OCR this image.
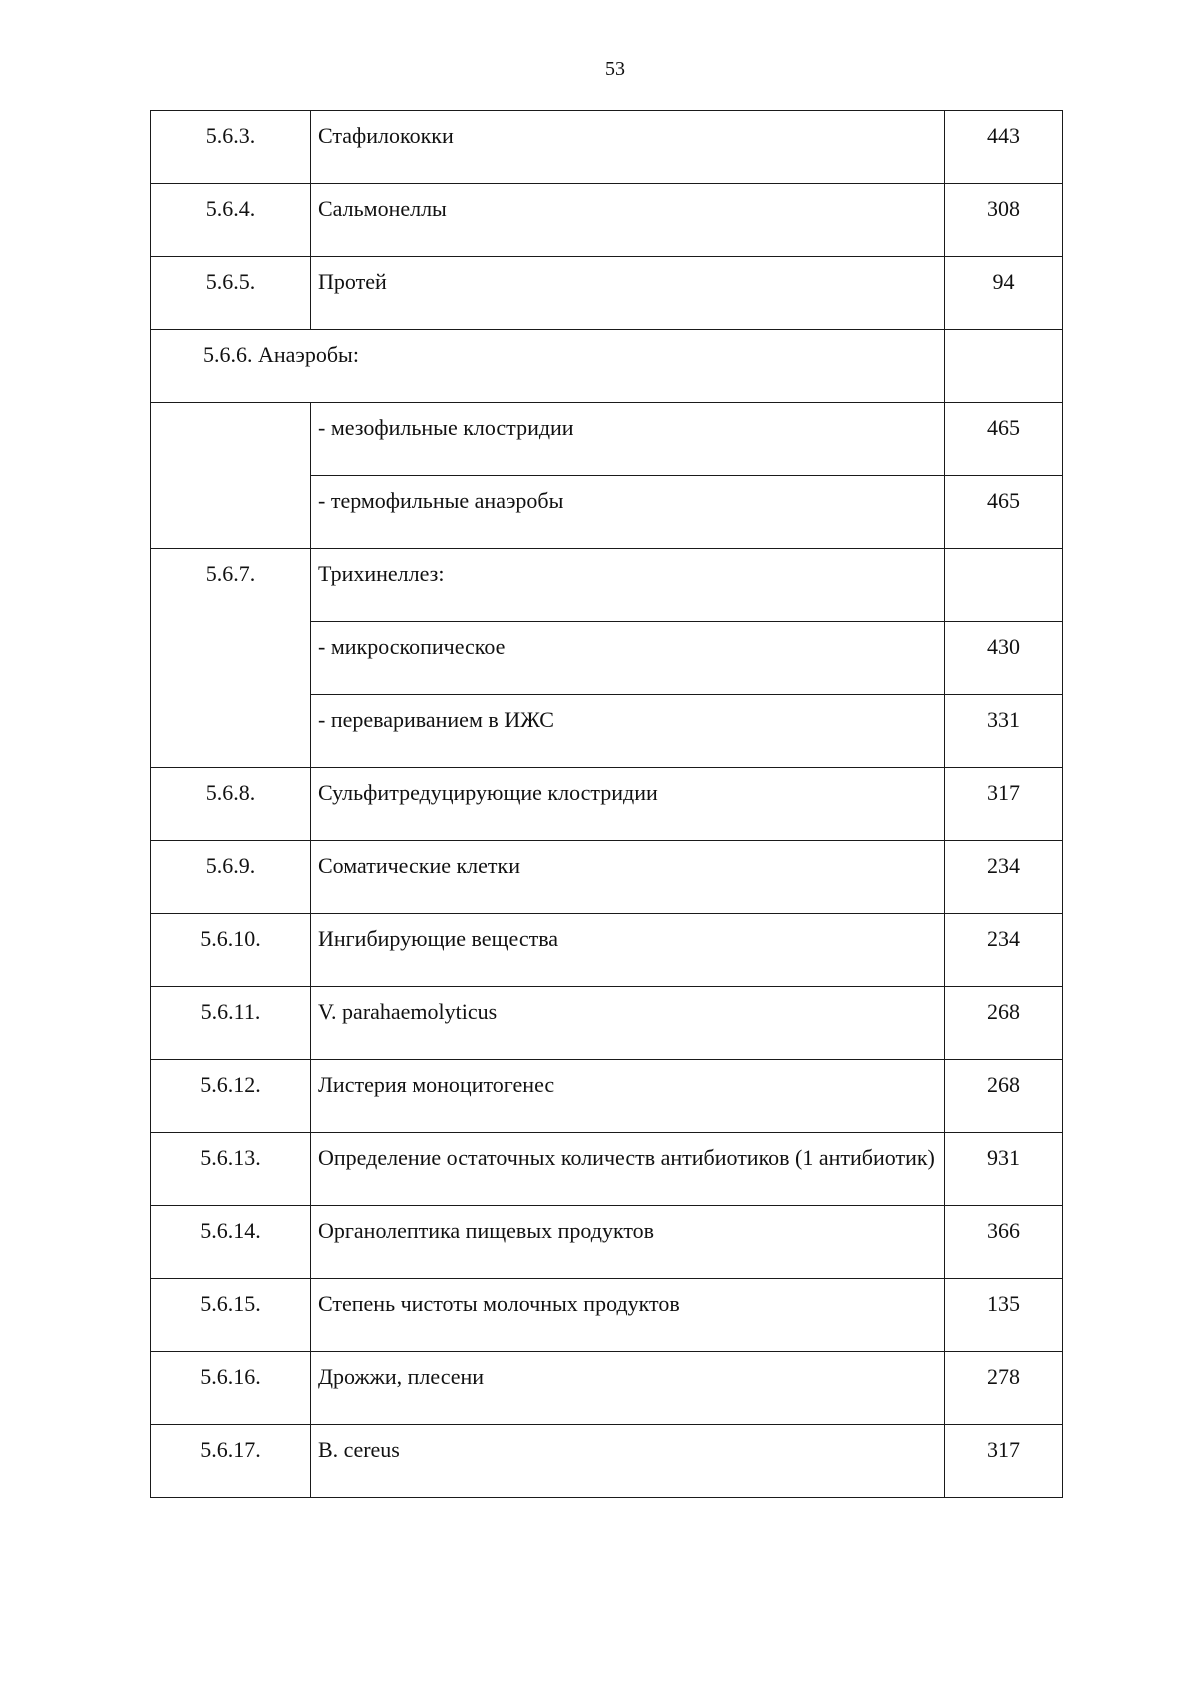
53
5.6.3.	Стафилококки	443
5.6.4.	Сальмонеллы	308
5.6.5.	Протей	94
5.6.6. Анаэробы:		
	- мезофильные клостридии	465
	- термофильные анаэробы	465
5.6.7.	Трихинеллез:	
	- микроскопическое	430
	- перевариванием в ИЖС	331
5.6.8.	Сульфитредуцирующие клостридии	317
5.6.9.	Соматические клетки	234
5.6.10.	Ингибирующие вещества	234
5.6.11.	V. parahaemolyticus	268
5.6.12.	Листерия моноцитогенес	268
5.6.13.	Определение остаточных количеств антибиотиков (1 антибиотик)	931
5.6.14.	Органолептика пищевых продуктов	366
5.6.15.	Степень чистоты молочных продуктов	135
5.6.16.	Дрожжи, плесени	278
5.6.17.	B. cereus	317
